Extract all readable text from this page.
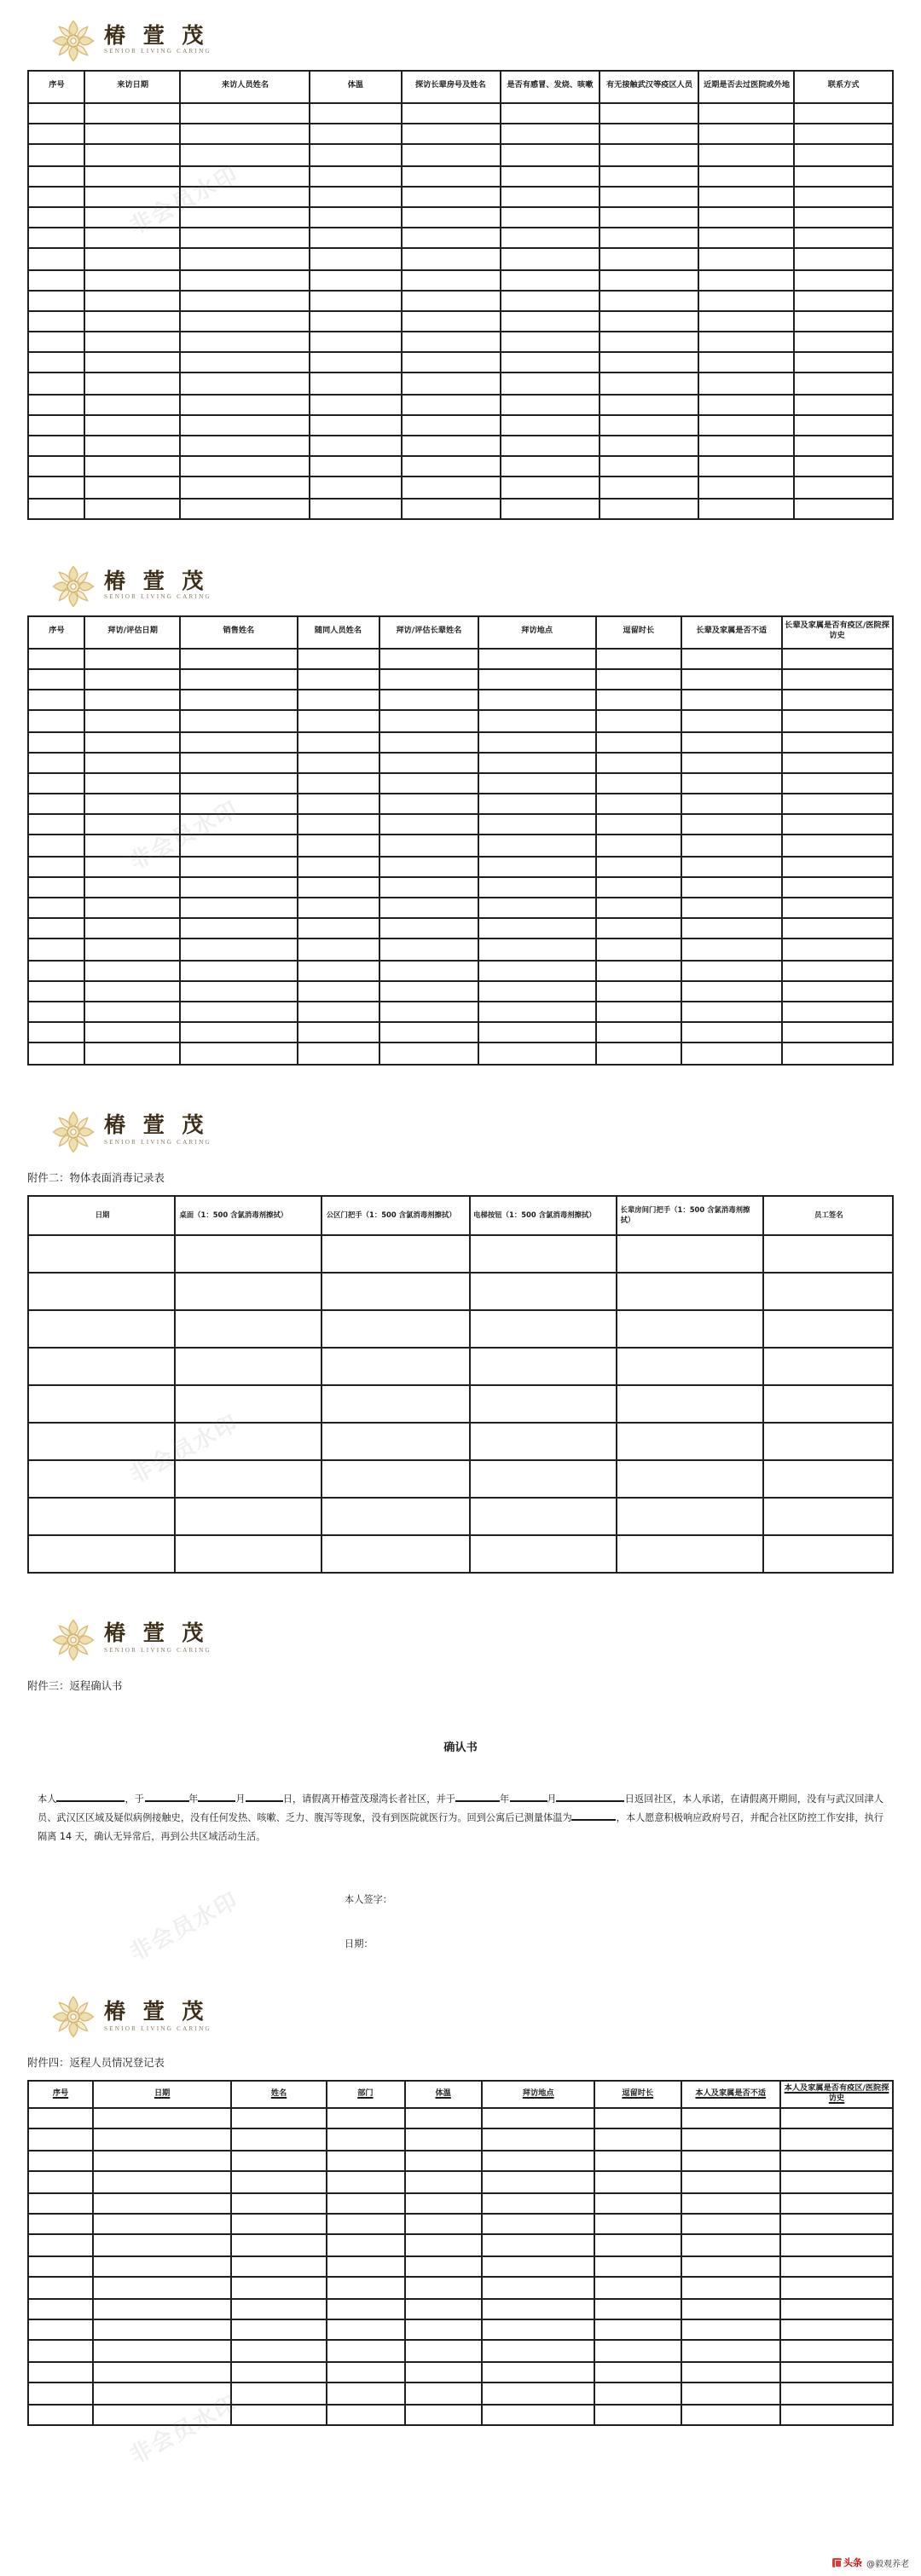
椿 萱 茂
SENIOR LIVING CARING
序号	来访日期	来访人员姓名	体温	探访长辈房号及姓名	是否有感冒、发烧、咳嗽	有无接触武汉等疫区人员	近期是否去过医院或外地	联系方式

椿 萱 茂
SENIOR LIVING CARING
序号	拜访/评估日期	销售姓名	随同人员姓名	拜访/评估长辈姓名	拜访地点	逗留时长	长辈及家属是否不适	长辈及家属是否有疫区/医院探访史

椿 萱 茂
SENIOR LIVING CARING
附件二：物体表面消毒记录表
日期	桌面（1：500 含氯消毒剂擦拭）	公区门把手（1：500 含氯消毒剂擦拭）	电梯按钮（1：500 含氯消毒剂擦拭）	长辈房间门把手（1：500 含氯消毒剂擦拭）	员工签名

椿 萱 茂
SENIOR LIVING CARING
附件三：返程确认书
确认书
本人	，于	年	月	日，请假离开椿萱茂璟湾长者社区，并于	年	月	日返回社区，本人承诺，在请假离开期间，没有与武汉回津人员、武汉区区域及疑似病例接触史，没有任何发热、咳嗽、乏力、腹泻等现象，没有到医院就医行为。回到公寓后已测量体温为	，本人愿意积极响应政府号召，并配合社区防控工作安排，执行隔离 14 天，确认无异常后，再到公共区域活动生活。
本人签字：
日期：
椿 萱 茂
SENIOR LIVING CARING
附件四：返程人员情况登记表
序号	日期	姓名	部门	体温	拜访地点	逗留时长	本人及家属是否不适	本人及家属是否有疫区/医院探访史

头条 @毅观养老
